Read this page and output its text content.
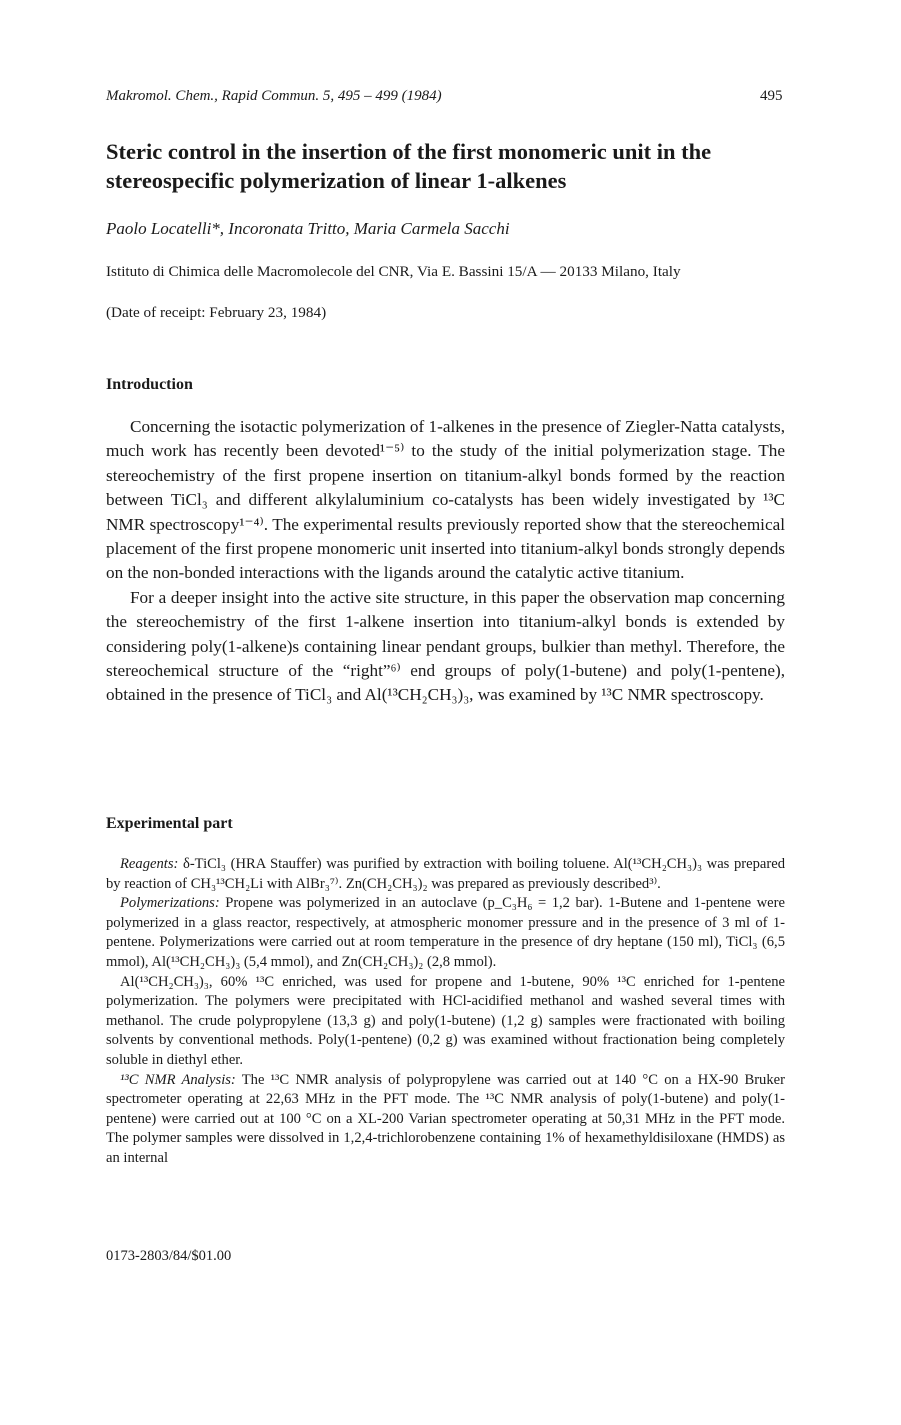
Makromol. Chem., Rapid Commun. 5, 495 – 499 (1984)	495
Steric control in the insertion of the first monomeric unit in the stereospecific polymerization of linear 1-alkenes
Paolo Locatelli*, Incoronata Tritto, Maria Carmela Sacchi
Istituto di Chimica delle Macromolecole del CNR, Via E. Bassini 15/A — 20133 Milano, Italy
(Date of receipt: February 23, 1984)
Introduction

Concerning the isotactic polymerization of 1-alkenes in the presence of Ziegler-Natta catalysts, much work has recently been devoted¹⁻⁵⁾ to the study of the initial polymerization stage. The stereochemistry of the first propene insertion on titanium-alkyl bonds formed by the reaction between TiCl₃ and different alkylaluminium co-catalysts has been widely investigated by ¹³C NMR spectroscopy¹⁻⁴⁾. The experimental results previously reported show that the stereochemical placement of the first propene monomeric unit inserted into titanium-alkyl bonds strongly depends on the non-bonded interactions with the ligands around the catalytic active titanium.

For a deeper insight into the active site structure, in this paper the observation map concerning the stereochemistry of the first 1-alkene insertion into titanium-alkyl bonds is extended by considering poly(1-alkene)s containing linear pendant groups, bulkier than methyl. Therefore, the stereochemical structure of the “right”⁶⁾ end groups of poly(1-butene) and poly(1-pentene), obtained in the presence of TiCl₃ and Al(¹³CH₂CH₃)₃, was examined by ¹³C NMR spectroscopy.

Experimental part

Reagents: δ-TiCl₃ (HRA Stauffer) was purified by extraction with boiling toluene. Al(¹³CH₂CH₃)₃ was prepared by reaction of CH₃¹³CH₂Li with AlBr₃⁷⁾. Zn(CH₂CH₃)₂ was prepared as previously described³⁾.

Polymerizations: Propene was polymerized in an autoclave (p_C₃H₆ = 1,2 bar). 1-Butene and 1-pentene were polymerized in a glass reactor, respectively, at atmospheric monomer pressure and in the presence of 3 ml of 1-pentene. Polymerizations were carried out at room temperature in the presence of dry heptane (150 ml), TiCl₃ (6,5 mmol), Al(¹³CH₂CH₃)₃ (5,4 mmol), and Zn(CH₂CH₃)₂ (2,8 mmol).

Al(¹³CH₂CH₃)₃, 60% ¹³C enriched, was used for propene and 1-butene, 90% ¹³C enriched for 1-pentene polymerization. The polymers were precipitated with HCl-acidified methanol and washed several times with methanol. The crude polypropylene (13,3 g) and poly(1-butene) (1,2 g) samples were fractionated with boiling solvents by conventional methods. Poly(1-pentene) (0,2 g) was examined without fractionation being completely soluble in diethyl ether.

¹³C NMR Analysis: The ¹³C NMR analysis of polypropylene was carried out at 140 °C on a HX-90 Bruker spectrometer operating at 22,63 MHz in the PFT mode. The ¹³C NMR analysis of poly(1-butene) and poly(1-pentene) were carried out at 100 °C on a XL-200 Varian spectrometer operating at 50,31 MHz in the PFT mode. The polymer samples were dissolved in 1,2,4-trichlorobenzene containing 1% of hexamethyldisiloxane (HMDS) as an internal

0173-2803/84/$01.00
